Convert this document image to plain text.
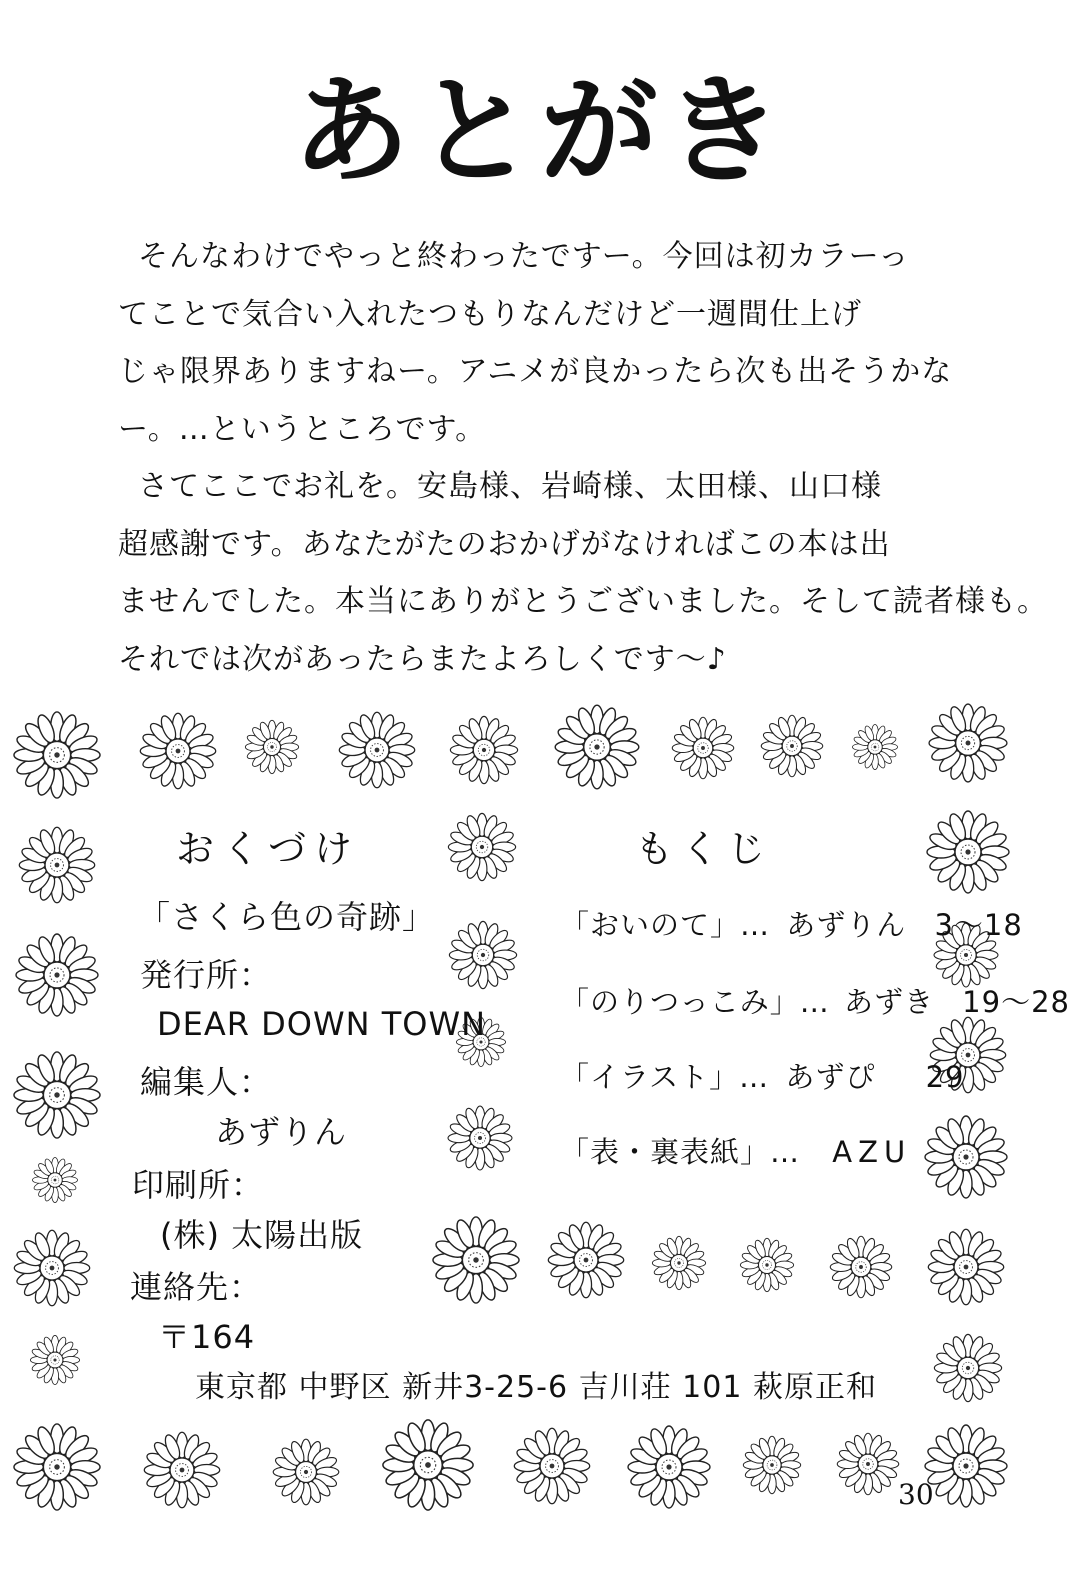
あとがき
そんなわけでやっと終わったですー。今回は初カラーっ
てことで気合い入れたつもりなんだけど一週間仕上げ
じゃ限界ありますねー。アニメが良かったら次も出そうかな
ー。…というところです。
さてここでお礼を。安島様、岩崎様、太田様、山口様
超感謝です。あなたがたのおかげがなければこの本は出
ませんでした。本当にありがとうございました。そして読者様も。
それでは次があったらまたよろしくです～♪
おくづけ
「さくら色の奇跡」
発行所：
DEAR DOWN TOWN
編集人：
あずりん
印刷所：
(株) 太陽出版
連絡先：
〒164
東京都 中野区 新井3-25-6 吉川荘 101 萩原正和
もくじ
「おいのて」… あずりん 3～18
「のりつっこみ」… あずき 19～28
「イラスト」… あずぴ 29
「表・裏表紙」… AZU
30
